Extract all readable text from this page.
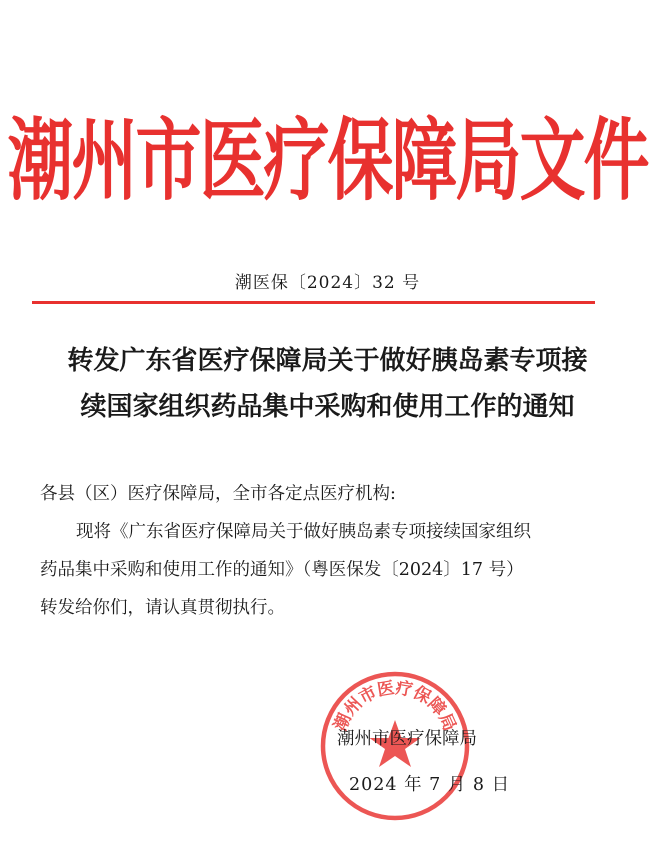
潮州市医疗保障局文件
潮医保〔2024〕32 号
转发广东省医疗保障局关于做好胰岛素专项接
续国家组织药品集中采购和使用工作的通知
各县（区）医疗保障局，全市各定点医疗机构:
现将《广东省医疗保障局关于做好胰岛素专项接续国家组织
药品集中采购和使用工作的通知》（粤医保发〔2024〕17 号）
转发给你们，请认真贯彻执行。
潮州市医疗保障局
潮州市医疗保障局
2024 年 7 月 8 日
